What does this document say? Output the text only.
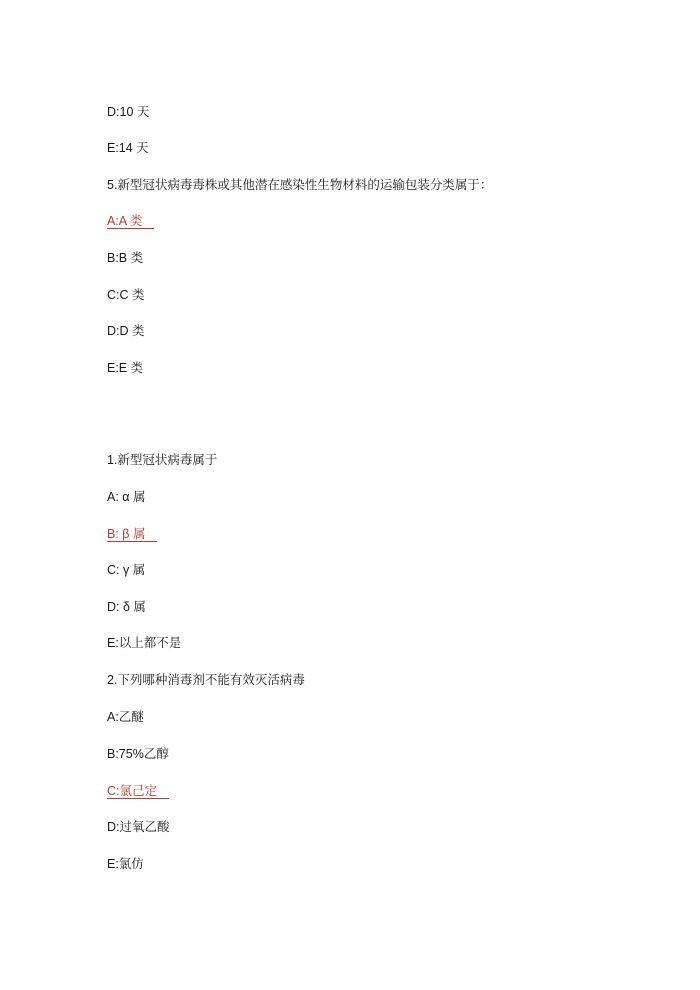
D:10 天
E:14 天
5.新型冠状病毒毒株或其他潜在感染性生物材料的运输包装分类属于：
A:A 类
B:B 类
C:C 类
D:D 类
E:E 类
1.新型冠状病毒属于
A: α 属
B: β 属
C: γ 属
D: δ 属
E:以上都不是
2.下列哪种消毒剂不能有效灭活病毒
A:乙醚
B:75%乙醇
C:氯己定
D:过氧乙酸
E:氯仿
